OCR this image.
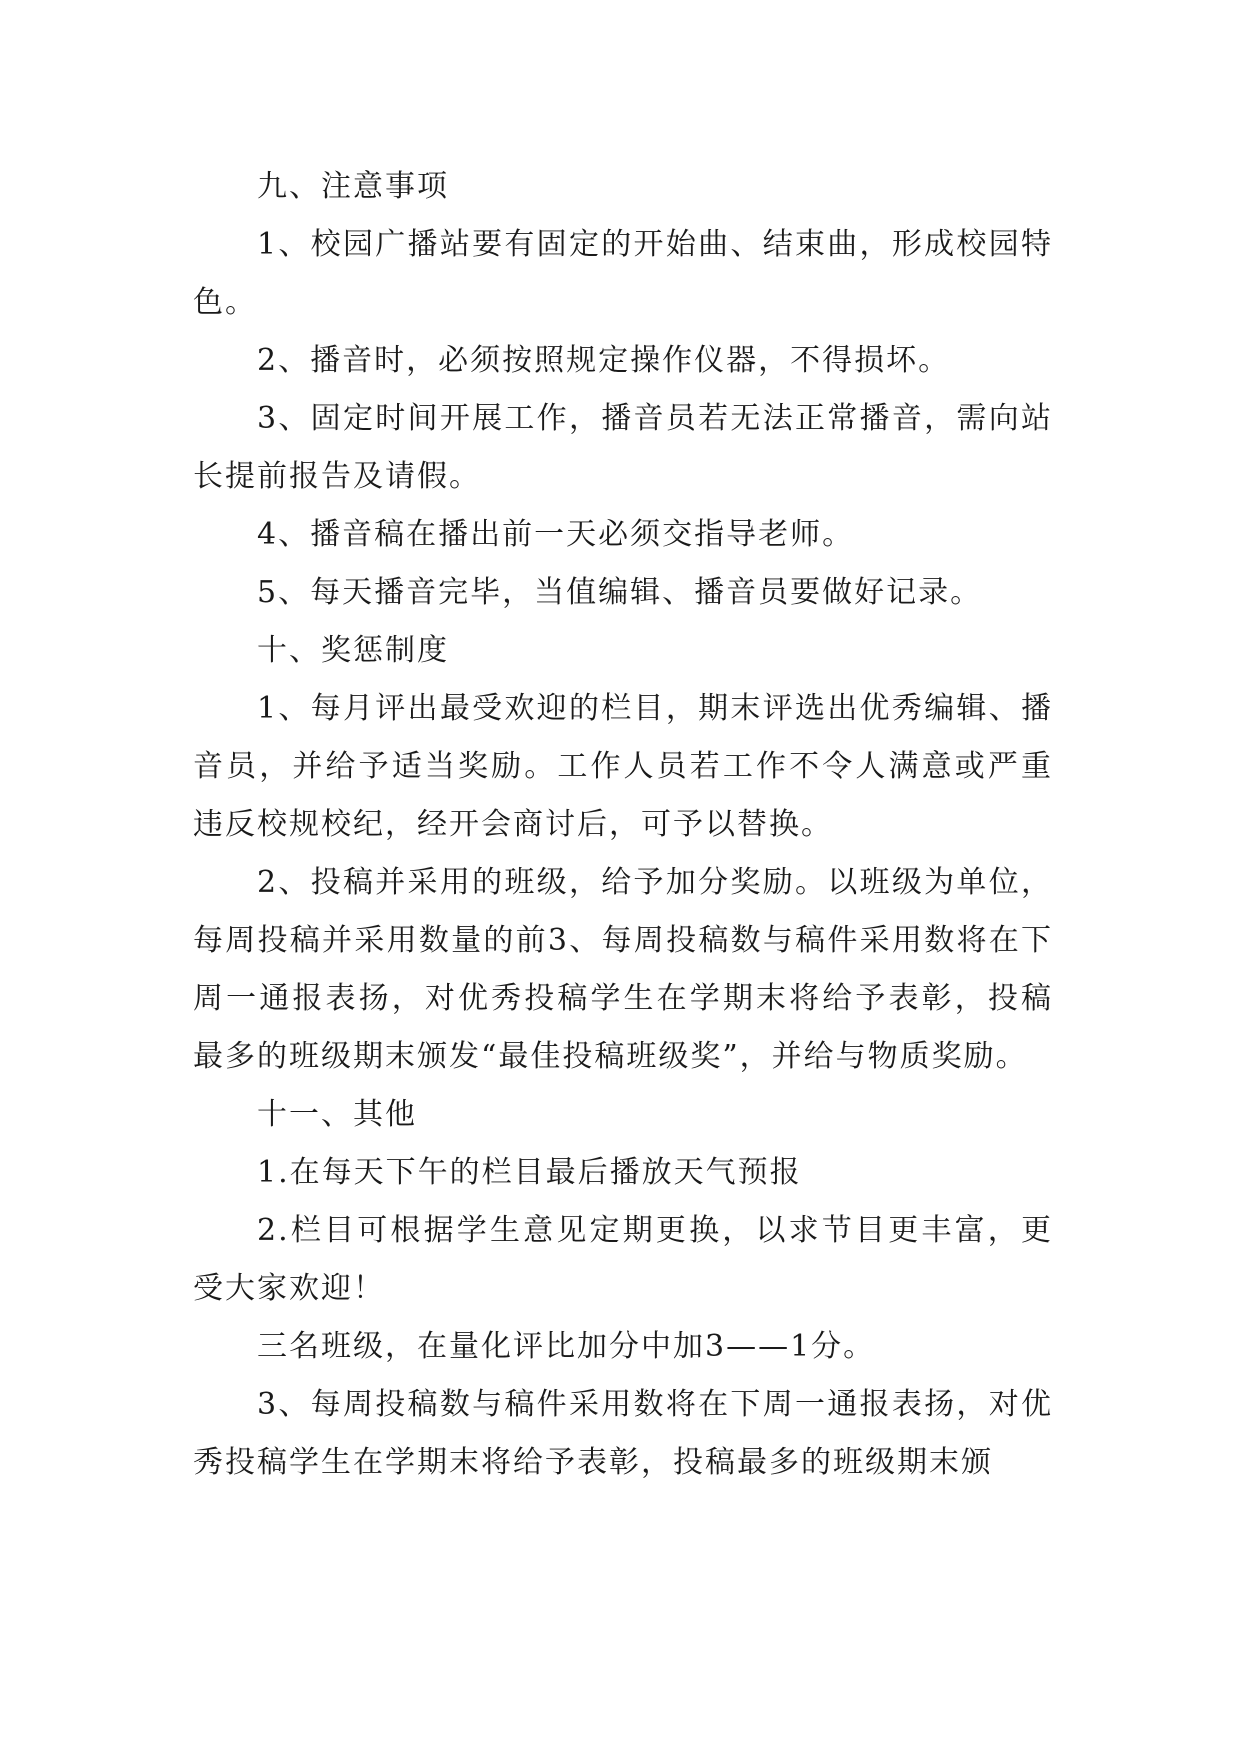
九、注意事项

1、校园广播站要有固定的开始曲、结束曲，形成校园特色。

2、播音时，必须按照规定操作仪器，不得损坏。

3、固定时间开展工作，播音员若无法正常播音，需向站长提前报告及请假。

4、播音稿在播出前一天必须交指导老师。

5、每天播音完毕，当值编辑、播音员要做好记录。

十、奖惩制度

1、每月评出最受欢迎的栏目，期末评选出优秀编辑、播音员，并给予适当奖励。工作人员若工作不令人满意或严重违反校规校纪，经开会商讨后，可予以替换。

2、投稿并采用的班级，给予加分奖励。以班级为单位，每周投稿并采用数量的前3、每周投稿数与稿件采用数将在下周一通报表扬，对优秀投稿学生在学期末将给予表彰，投稿最多的班级期末颁发“最佳投稿班级奖”，并给与物质奖励。

十一、其他

1.在每天下午的栏目最后播放天气预报

2.栏目可根据学生意见定期更换，以求节目更丰富，更受大家欢迎！

三名班级，在量化评比加分中加3——1分。

3、每周投稿数与稿件采用数将在下周一通报表扬，对优秀投稿学生在学期末将给予表彰，投稿最多的班级期末颁
